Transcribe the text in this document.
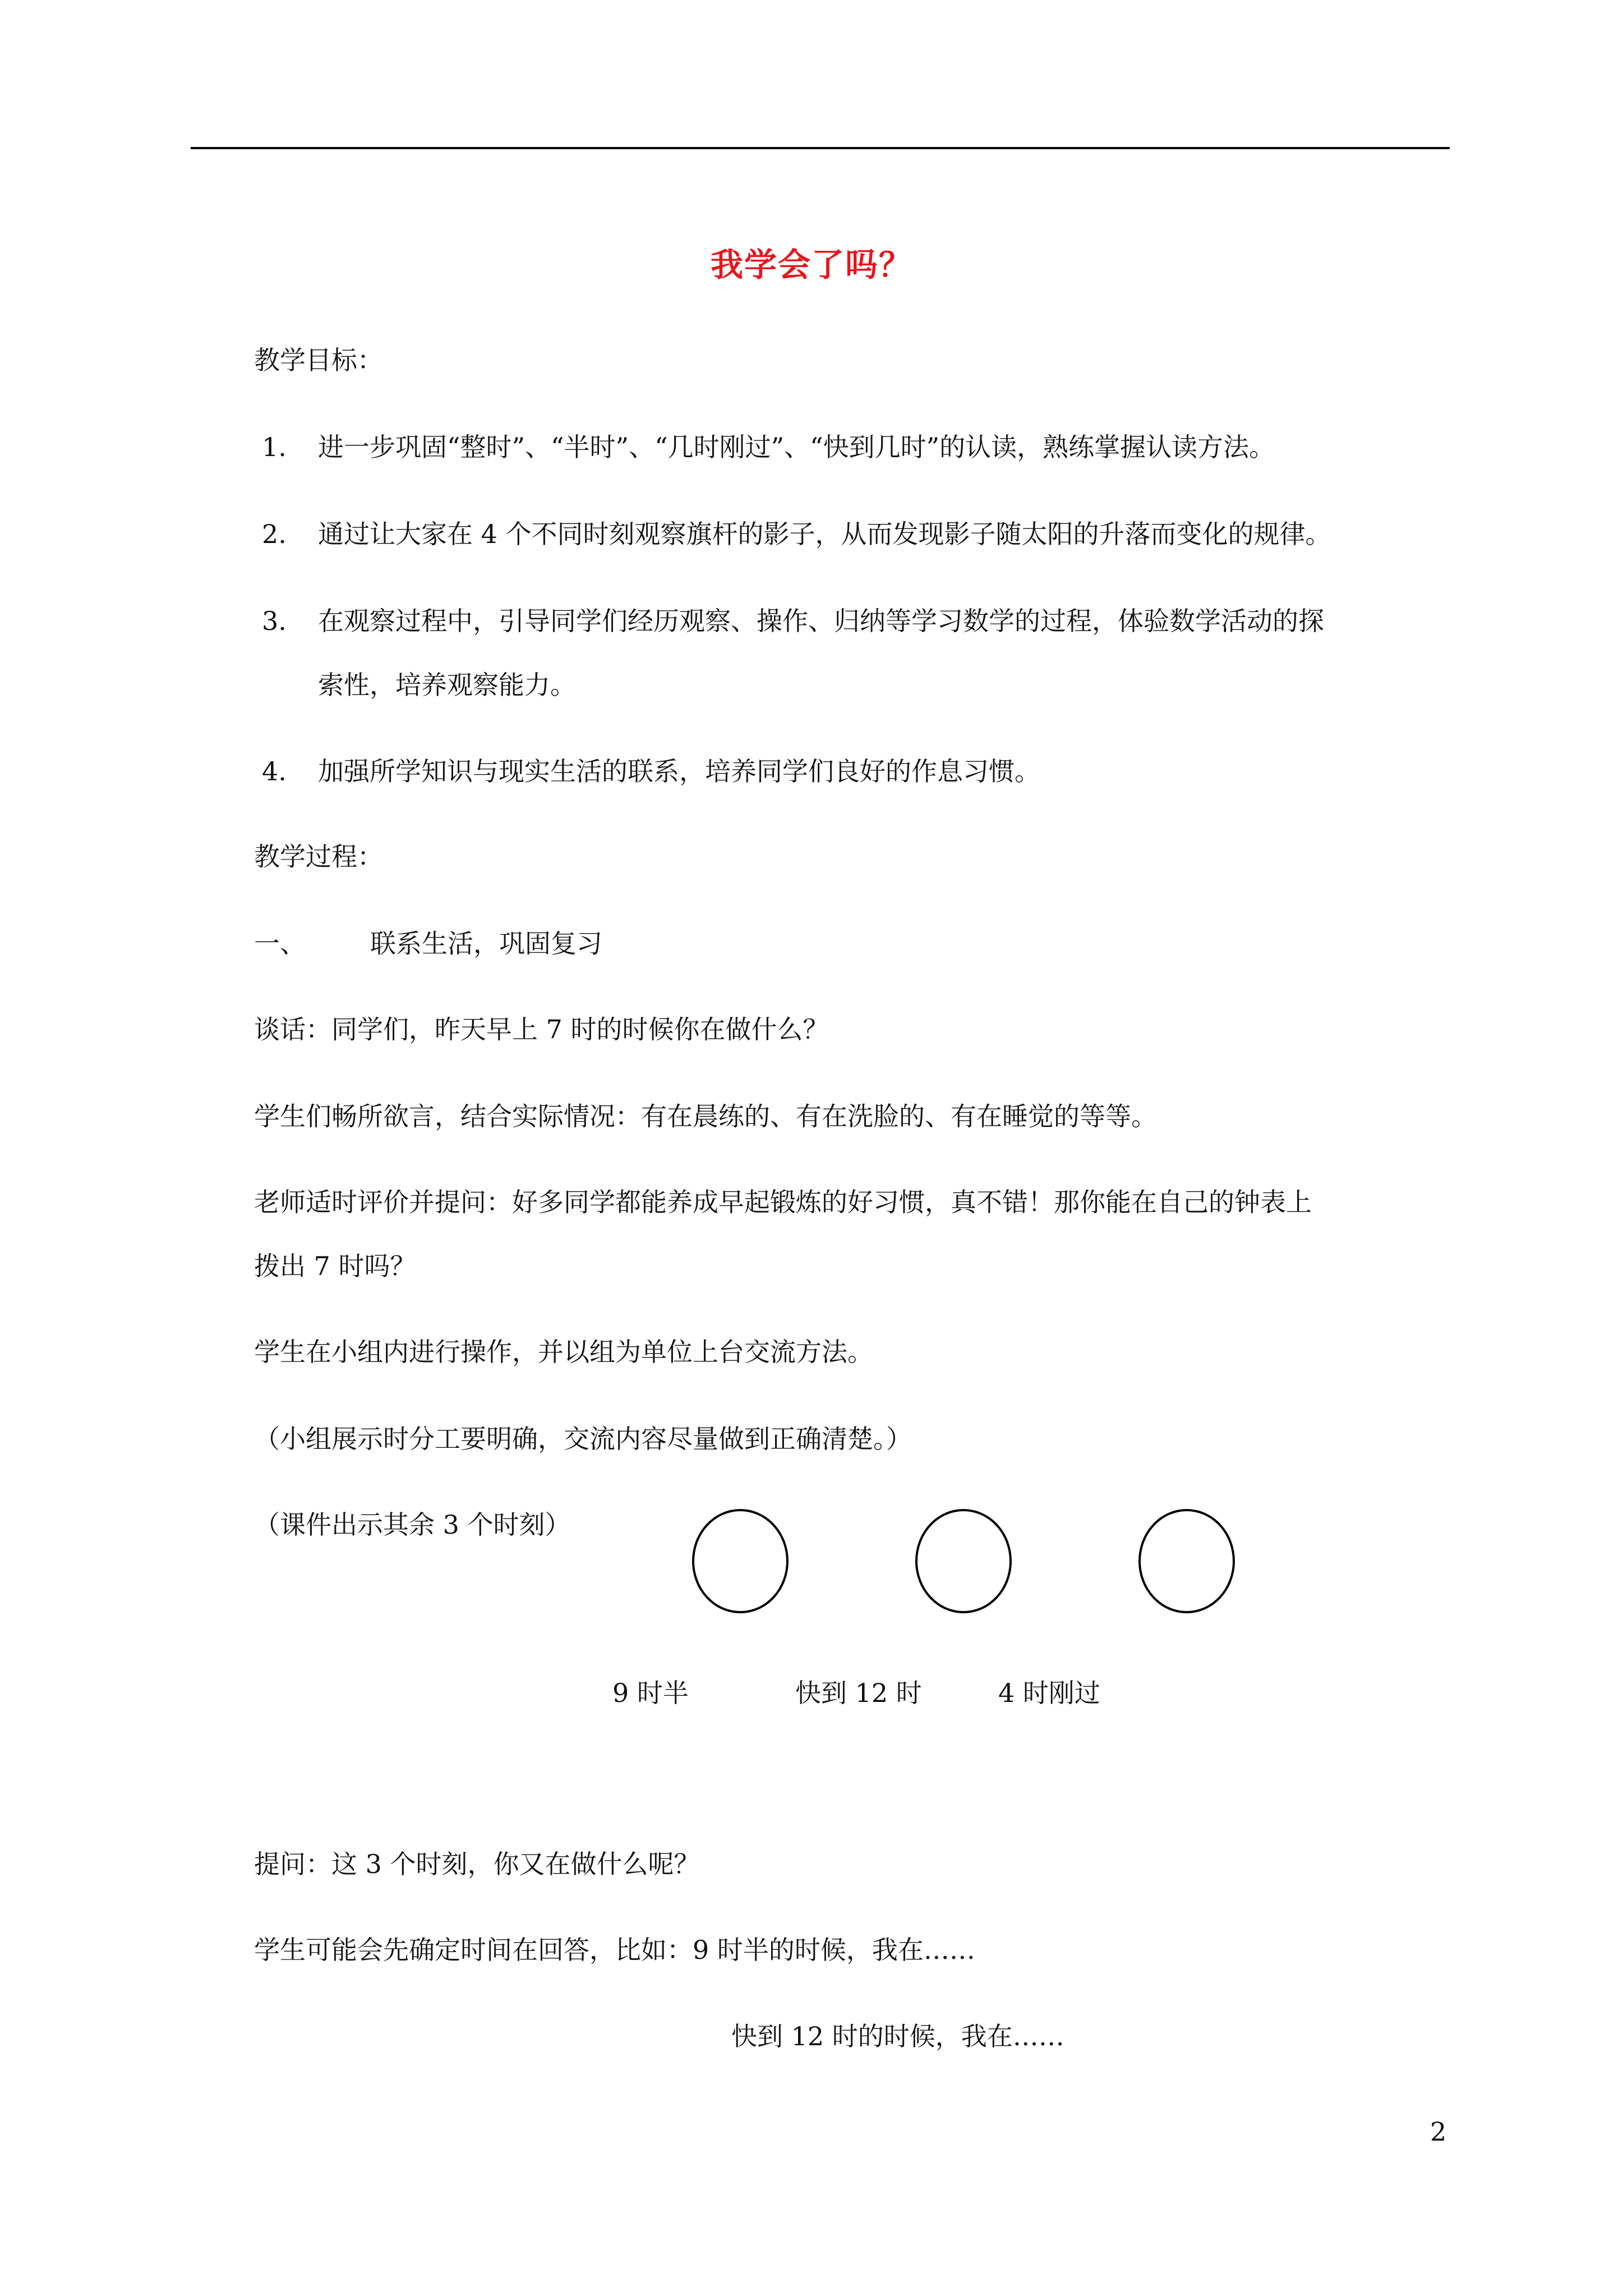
我学会了吗？
教学目标：
1. 进一步巩固“整时”、“半时”、“几时刚过”、“快到几时”的认读，熟练掌握认读方法。
2. 通过让大家在 4 个不同时刻观察旗杆的影子，从而发现影子随太阳的升落而变化的规律。
3. 在观察过程中，引导同学们经历观察、操作、归纳等学习数学的过程，体验数学活动的探
索性，培养观察能力。
4. 加强所学知识与现实生活的联系，培养同学们良好的作息习惯。
教学过程：
一、	联系生活，巩固复习
谈话：同学们，昨天早上 7 时的时候你在做什么？
学生们畅所欲言，结合实际情况：有在晨练的、有在洗脸的、有在睡觉的等等。
老师适时评价并提问：好多同学都能养成早起锻炼的好习惯，真不错！那你能在自己的钟表上
拨出 7 时吗？
学生在小组内进行操作，并以组为单位上台交流方法。
（小组展示时分工要明确，交流内容尽量做到正确清楚。）
（课件出示其余 3 个时刻）
9 时半	快到 12 时	4 时刚过
提问：这 3 个时刻，你又在做什么呢？
学生可能会先确定时间在回答，比如：9 时半的时候，我在……
快到 12 时的时候，我在……
2
